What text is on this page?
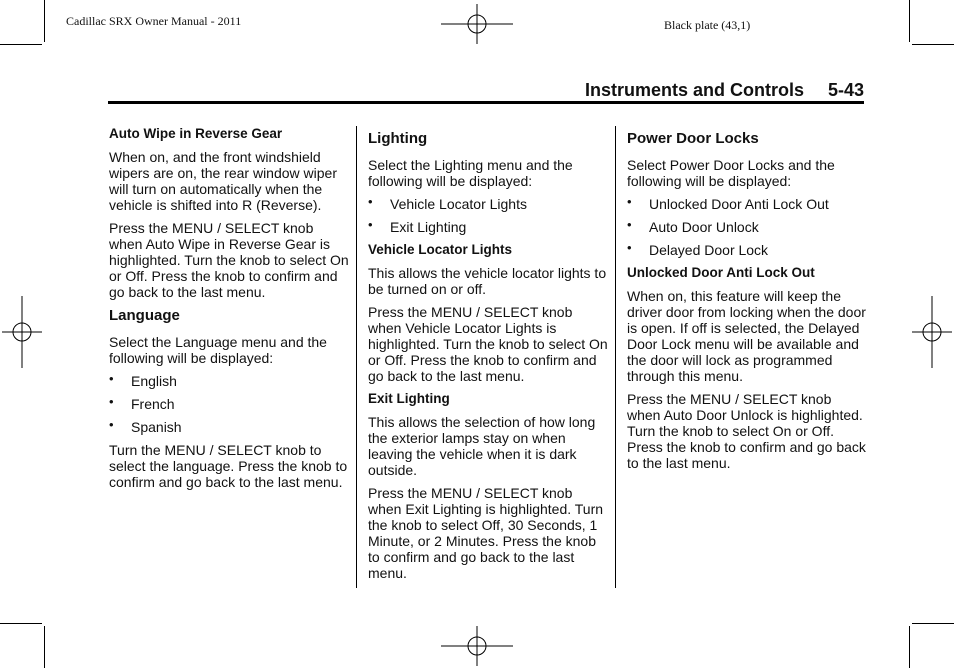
Cadillac SRX Owner Manual - 2011	Black plate (43,1)
Instruments and Controls 5-43
Auto Wipe in Reverse Gear

When on, and the front windshield wipers are on, the rear window wiper will turn on automatically when the vehicle is shifted into R (Reverse).

Press the MENU / SELECT knob when Auto Wipe in Reverse Gear is highlighted. Turn the knob to select On or Off. Press the knob to confirm and go back to the last menu.

Language

Select the Language menu and the following will be displayed:

• English
• French
• Spanish

Turn the MENU / SELECT knob to select the language. Press the knob to confirm and go back to the last menu.

Lighting

Select the Lighting menu and the following will be displayed:

• Vehicle Locator Lights
• Exit Lighting
Vehicle Locator Lights

This allows the vehicle locator lights to be turned on or off.

Press the MENU / SELECT knob when Vehicle Locator Lights is highlighted. Turn the knob to select On or Off. Press the knob to confirm and go back to the last menu.

Exit Lighting

This allows the selection of how long the exterior lamps stay on when leaving the vehicle when it is dark outside.

Press the MENU / SELECT knob when Exit Lighting is highlighted. Turn the knob to select Off, 30 Seconds, 1 Minute, or 2 Minutes. Press the knob to confirm and go back to the last menu.

Power Door Locks

Select Power Door Locks and the following will be displayed:

• Unlocked Door Anti Lock Out
• Auto Door Unlock
• Delayed Door Lock
Unlocked Door Anti Lock Out

When on, this feature will keep the driver door from locking when the door is open. If off is selected, the Delayed Door Lock menu will be available and the door will lock as programmed through this menu.

Press the MENU / SELECT knob when Auto Door Unlock is highlighted. Turn the knob to select On or Off. Press the knob to confirm and go back to the last menu.
